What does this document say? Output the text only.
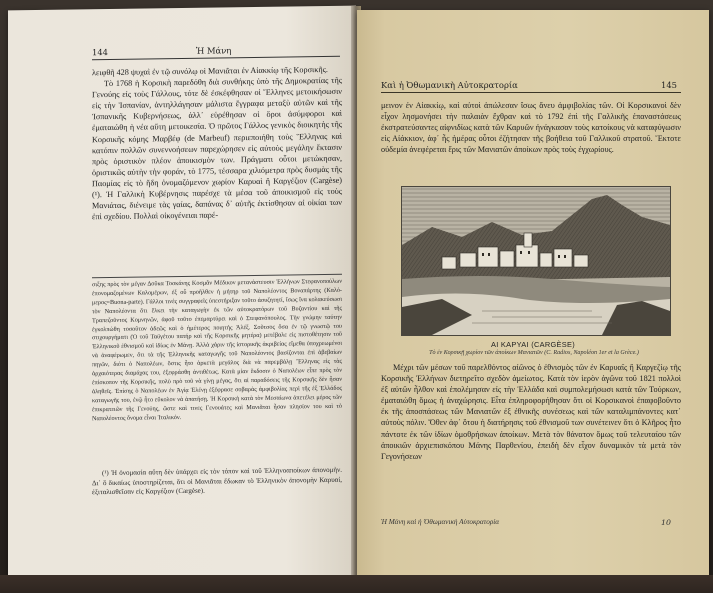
144	Ἡ Μάνη

λειφθῆ 428 ψυχαὶ ἐν τῷ συνόλῳ οἱ Μανιᾶται ἐν Αἰακκίῳ τῆς Κορσικῆς.

Τὸ 1768 ἡ Κορσικὴ παρεδόθη διὰ συνθήκης ὑπὸ τῆς Δημοκρατίας τῆς Γενούης εἰς τοὺς Γάλλους, τότε δὲ ἐσκέφθησαν οἱ Ἕλληνες μετοικήσωσιν εἰς τὴν Ἰσπανίαν, ἀντηλλάγησαν μάλιστα ἔγγραφα μεταξὺ αὐτῶν καὶ τῆς Ἰσπανικῆς Κυβερνήσεως, ἀλλ᾽ εὑρέθησαν οἱ ὅροι ἀσύμφοροι καὶ ἐματαιώθη ἡ νέα αὕτη μετοικεσία. Ὁ πρῶτος Γάλλος γενικὸς διοικητὴς τῆς Κορσικῆς κόμης Μαρβέφ (de Marbeuf) περιεποιήθη τοὺς Ἕλληνας καὶ κατόπιν πολλῶν συνεννοήσεων παρεχώρησεν εἰς αὐτοὺς μεγάλην ἔκτασιν πρὸς ὁριστικὸν πλέον ἀποικισμὸν των. Πράγματι οὗτοι μετώκησαν, ὁριστικῶς αὐτὴν τὴν φοράν, τὸ 1775, τέσσαρα χιλιόμετρα πρὸς δυσμὰς τῆς Παομίας εἰς τὸ ἤδη ὀνομαζόμενον χωρίον Καρυαὶ ἢ Καργέζιον (Cargèse) (¹). Ἡ Γαλλικὴ Κυβέρνησις παρέσχε τὰ μέσα τοῦ ἀποικισμοῦ εἰς τοὺς Μανιάτας, διένειμε τὰς γαίας, δαπάνας δ᾽ αὐτῆς ἐκτίσθησαν αἱ οἰκίαι των ἐπὶ σχεδίου. Πολλαὶ οἰκογένειαι παρέ-

σιξης πρὸς τὸν μέγαν Δοῦκα Τοσκάνης Κοσμᾶν Μέδικον μετανάστευσιν Ἑλλήνων Στεφανοπούλων ἐπονομαζομένων Καλομέρων, ἐξ οὗ προῆλθεν ἡ μήτηρ τοῦ Ναπολέοντος Βοναπάρτης (Καλό-μερος=Buona-parte). Γάλλοι τινὲς συγγραφεῖς ὑπεστήριξαν τοῦτο ἀσυζητητί, ἴσως ἵνα κολακεύσωσι τὸν Ναπολέοντα ὅτι ἔλκει τὴν καταγωγὴν ἐκ τῶν αὐτοκρατόρων τοῦ Βυζαντίου καὶ τῆς Τραπεζοῦντος Κομνηνῶν, ἀφοῦ τοῦτο ἐπεμαρτύρει καὶ ὁ Στεφανόπουλος. Τὴν γνώμην ταύτην ἐγκολπώθη τοσοῦτον ἀδεῶς καὶ ὁ ἡμέτερος ποιητὴς Ἀλέξ. Σοῦτσος ὅσα ἐν τῷ γνωστῷ του στιχουργήματι (Ὁ τοῦ Ταϋγέτου πατήρ καὶ τῆς Κορσικῆς μητέρα) μετέβαλε εἰς πιστοθέτησιν τοῦ Ἑλληνικοῦ ἐθνισμοῦ καὶ ἰδίως ἐν Μάνῃ. Ἀλλὰ χάριν τῆς ἱστορικῆς ἀκριβείας εἴμεθα ὑποχρεωμένοι νὰ ἀναφέρωμεν, ὅτι τὰ τῆς Ἑλληνικῆς καταγωγῆς τοῦ Ναπολέοντος βασίζονται ἐπὶ ἀβεβαίων πηγῶν, διότι ὁ Ναπολέων, ὅστις ἦτο ἀρκετὰ μεγάλος διὰ νὰ παρεμβάλῃ Ἕλληνας εἰς τὰς ἀρχαιότερας διαμάχας του, ἐξεφράσθη ἀντιθέτως. Κατὰ μίαν ἔκδοσιν ὁ Ναπολέων εἶπε πρὸς τὸν ἐπίσκοπον τῆς Κορσικῆς, πολὺ πρὸ τοῦ νὰ γίνῃ μέγας, ὅτι αἱ παραδόσεις τῆς Κορσικῆς δὲν ἦσαν ἀληθεῖς. Ἐπίσης ὁ Ναπολέων ἐν Ἀγίᾳ Ἑλένῃ ἐξέφρασε σοβαρὰς ἀμφιβολίας περὶ τῆς ἐξ Ἑλλάδος καταγωγῆς του, ἐνῷ ἦτο εὔκολον νὰ ἀπατήσῃ. Ἡ Κορσικὴ κατὰ τὸν Μεσαίωνα ἀπετέλει μέρος τῶν ἐπικρατειῶν τῆς Γενούης, ὥστε καὶ τινες Γενουάτες καὶ Μανιᾶται ἦσαν πλησίον του καὶ τὸ Ναπολέοντος ὄνομα εἶναι Ἰταλικόν.

(¹) Ἡ ὀνομασία αὕτη δὲν ὑπάρχει εἰς τὸν τόπον καὶ τοῦ Ἑλληνοαποίκων ἀπονομὴν. Δι᾽ ὃ δικαίως ὑποστηρίζεται, ὅτι οἱ Μανιᾶται ἔδωκαν τὸ Ἑλληνικὸν ἀπονομὴν Καρυαί, ἐξιταλισθεῖσαν εἰς Καργέζιον (Cargèse).

Καὶ ἡ Ὀθωμανικὴ Αὐτοκρατορία	145

μεινον ἐν Αἰακκίῳ, καὶ αὐτοὶ ἀπώλεσαν ἴσως ἄνευ ἀμφιβολίας τῶν. Οἱ Κορσικανοὶ δὲν εἶχον λησμονήσει τὴν παλαιὰν ἔχθραν καὶ τὸ 1792 ἐπὶ τῆς Γαλλικῆς ἐπαναστάσεως ἐκστρατεύσαντες αἰφνιδίως κατὰ τῶν Καρυῶν ἠνάγκασαν τοὺς κατοίκους νὰ καταφύγωσιν εἰς Αἰάκκιον, ἀφ᾽ ἧς ἡμέρας οὗτοι ἐζήτησαν τῆς βοήθεια τοῦ Γαλλικοῦ στρατοῦ. Ἔκτοτε οὐδεμία ἀνεφέρεται ἔρις τῶν Μανιατῶν ἀποίκων πρὸς τοὺς ἐγχωρίους.

ΑΙ ΚΑΡΥΑΙ (CARGÈSE)
Τὸ ἐν Κορσικῇ χωρίον τῶν ἀποίκων Μανιατῶν (C. Radios, Napoléon 1er et la Grèce.)

Μέχρι τῶν μέσων τοῦ παρελθόντος αἰῶνος ὁ ἐθνισμὸς τῶν ἐν Καρυαῖς ἢ Καργεζίῳ τῆς Κορσικῆς Ἑλλήνων διετηρεῖτο σχεδὸν ἀμείωτος. Κατὰ τὸν ἱερὸν ἀγῶνα τοῦ 1821 πολλοὶ ἐξ αὐτῶν ἦλθον καὶ ἐπολέμησαν εἰς τὴν Ἑλλάδα καὶ συμπολεμήσωσι κατὰ τῶν Τούρκων, ἐματαιώθη ὅμως ἡ ἀναχώρησις. Εἶτα ἐπληροφορήθησαν ὅτι οἱ Κορσικανοὶ ἐπαφοβοῦντο ἐκ τῆς ἀποσπάσεως τῶν Μανιατῶν ἐξ ἐθνικῆς συνέσεως καὶ τῶν καταλιμπάνοντες κατ᾽ αὐτοὺς πόλιν. Ὄθεν ἀφ᾽ ὅτου ἡ διατήρησις τοῦ ἐθνισμοῦ των συνέτεινεν ὅτι ὁ Κλῆρος ἦτο πάντοτε ἐκ τῶν ἰδίων ὁμοθρήσκων ἀποίκων. Μετὰ τὸν θάνατον ὅμως τοῦ τελευταίου τῶν ἀποικιῶν ἀρχιεπισκόπου Μάνης Παρθενίου, ἐπειδὴ δὲν εἶχον δυναμικὸν τὰ μετὰ τὸν Γεγονήσεων

Ἡ Μάνη καὶ ἡ Ὀθωμανικὴ Αὐτοκρατορία	10
